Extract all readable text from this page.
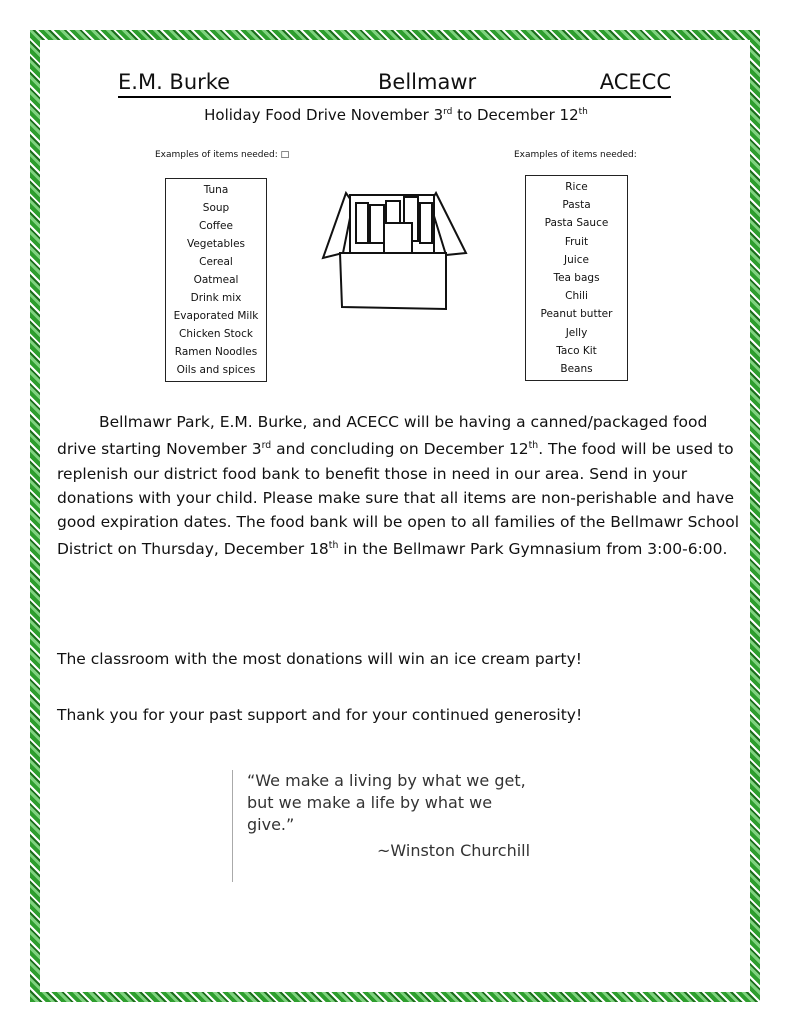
E.M. Burke	Bellmawr	ACECC
Holiday Food Drive November 3rd to December 12th
Examples of items needed: □	Examples of items needed:
Tuna
Soup
Coffee
Vegetables
Cereal
Oatmeal
Drink mix
Evaporated Milk
Chicken Stock
Ramen Noodles
Oils and spices
Rice
Pasta
Pasta Sauce
Fruit
Juice
Tea bags
Chili
Peanut butter
Jelly
Taco Kit
Beans

Bellmawr Park, E.M. Burke, and ACECC will be having a canned/packaged food drive starting November 3rd and concluding on December 12th. The food will be used to replenish our district food bank to benefit those in need in our area. Send in your donations with your child. Please make sure that all items are non-perishable and have good expiration dates. The food bank will be open to all families of the Bellmawr School District on Thursday, December 18th in the Bellmawr Park Gymnasium from 3:00-6:00.

The classroom with the most donations will win an ice cream party!
Thank you for your past support and for your continued generosity!
“We make a living by what we get, but we make a life by what we give.”
~Winston Churchill
